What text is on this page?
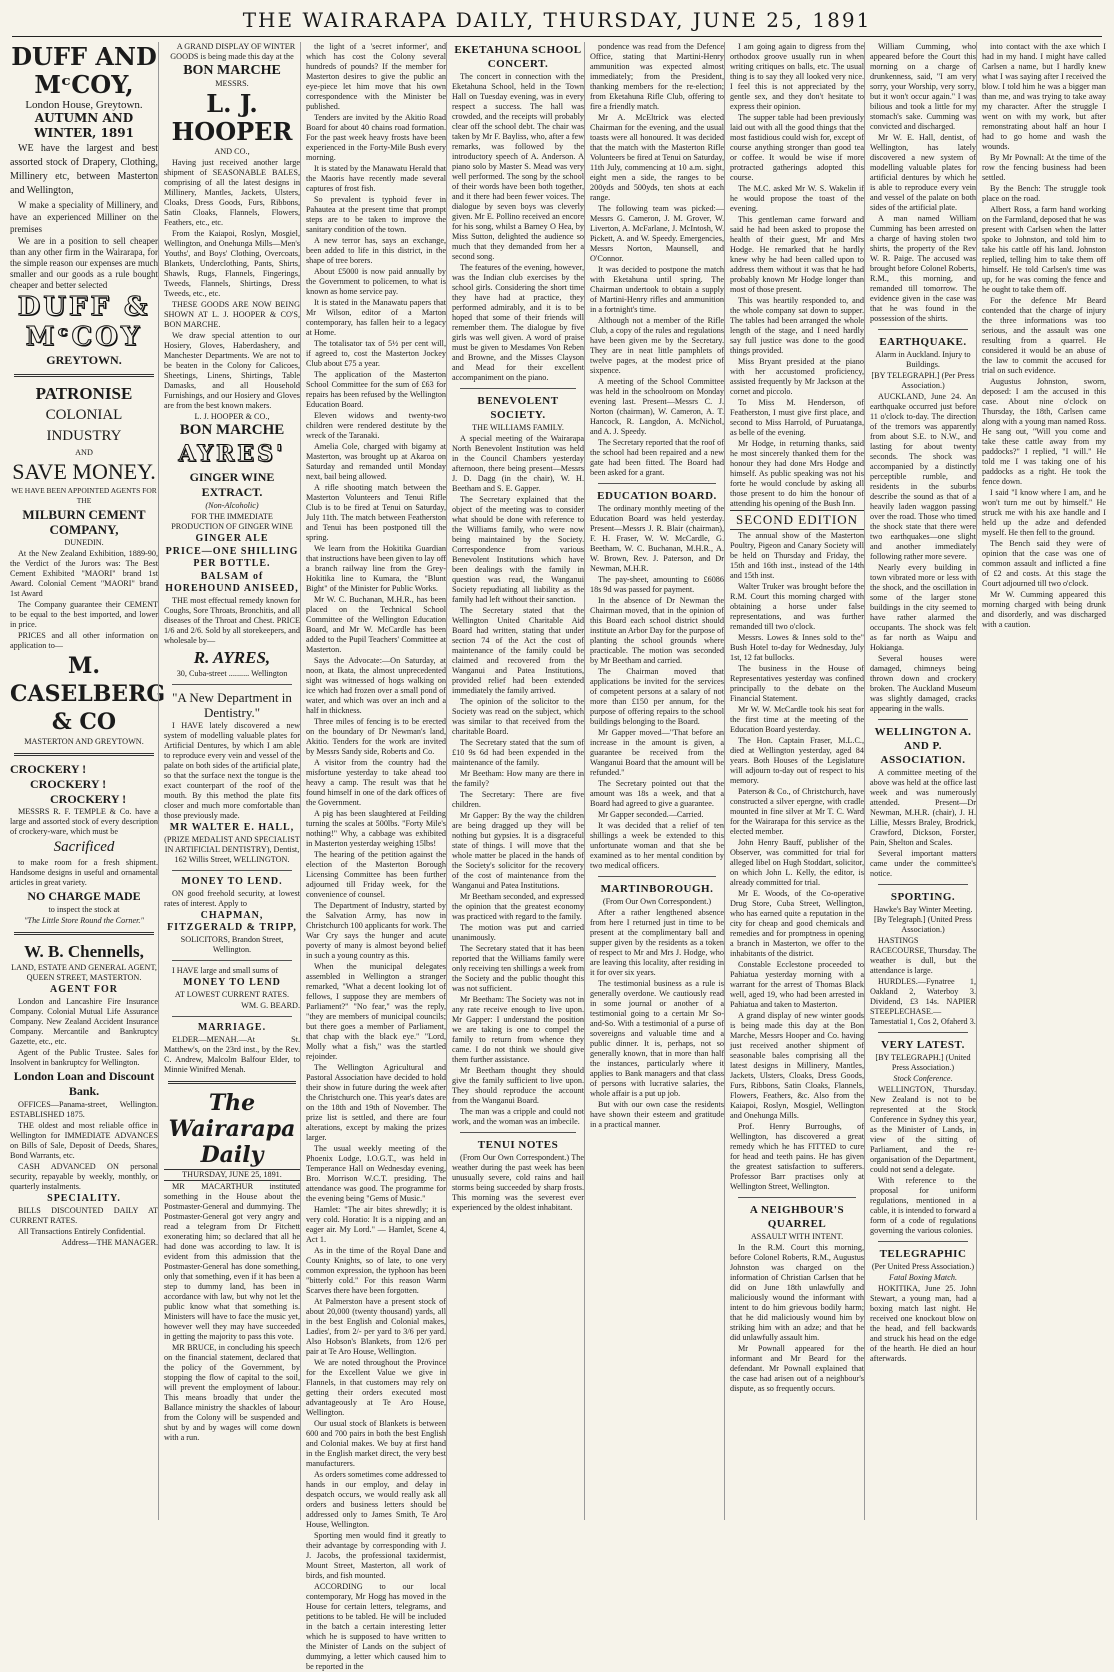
THE WAIRARAPA DAILY, THURSDAY, JUNE 25, 1891
DUFF AND MᶜCOY,
London House, Greytown.
AUTUMN AND WINTER, 1891

WE have the largest and best assorted stock of Drapery, Clothing, Millinery etc, between Masterton and Wellington,

W make a speciality of Millinery, and have an experienced Milliner on the premises

We are in a position to sell cheaper than any other firm in the Wairarapa, for the simple reason our expenses are much smaller and our goods as a rule bought cheaper and better selected

DUFF & MᶜCOY
GREYTOWN.
PATRONISE
COLONIAL INDUSTRY
AND
SAVE MONEY.
WE HAVE BEEN APPOINTED AGENTS FOR THE
MILBURN CEMENT COMPANY,
DUNEDIN.

At the New Zealand Exhibition, 1889-90, the Verdict of the Jurors was: The Best Cement Exhibited "MAORI" brand 1st Award. Colonial Cement "MAORI" brand 1st Award

The Company guarantee their CEMENT to be equal to the best imported, and lower in price.

PRICES and all other information on application to—

M. CASELBERG & CO
MASTERTON AND GREYTOWN.
CROCKERY !
CROCKERY !
CROCKERY !

MESSRS R. F. TEMPLE & Co. have a large and assorted stock of every description of crockery-ware, which must be

Sacrificed

to make room for a fresh shipment. Handsome designs in useful and ornamental articles in great variety.

NO CHARGE MADE
to inspect the stock at
"The Little Store Round the Corner."
W. B. Chennells,
LAND, ESTATE AND GENERAL AGENT, QUEEN STREET, MASTERTON.
AGENT FOR

London and Lancashire Fire Insurance Company. Colonial Mutual Life Assurance Company. New Zealand Accident Insurance Company. Mercantile and Bankruptcy Gazette, etc., etc.

Agent of the Public Trustee. Sales for Insolvent in bankruptcy for Wellington.

London Loan and Discount Bank.

OFFICES—Panama-street, Wellington. ESTABLISHED 1875.

THE oldest and most reliable office in Wellington for IMMEDIATE ADVANCES on Bills of Sale, Deposit of Deeds, Shares, Bond Warrants, etc.

CASH ADVANCED ON personal security, repayable by weekly, monthly, or quarterly instalments.

SPECIALITY.

BILLS DISCOUNTED DAILY AT CURRENT RATES.

All Transactions Entirely Confidential.

Address—THE MANAGER.

A GRAND DISPLAY OF WINTER GOODS is being made this day at the

BON MARCHE
MESSRS.
L. J. HOOPER
AND CO.,

Having just received another large shipment of SEASONABLE BALES, comprising of all the latest designs in Millinery, Mantles, Jackets, Ulsters, Cloaks, Dress Goods, Furs, Ribbons, Satin Cloaks, Flannels, Flowers, Feathers, etc., etc.

From the Kaiapoi, Roslyn, Mosgiel, Wellington, and Onehunga Mills—Men's Youths', and Boys' Clothing, Overcoats, Blankets, Underclothing, Pants, Shirts, Shawls, Rugs, Flannels, Fingerings, Tweeds, Flannels, Shirtings, Dress Tweeds, etc., etc.

THESE GOODS ARE NOW BEING SHOWN AT L. J. HOOPER & CO'S, BON MARCHE.

We draw special attention to our Hosiery, Gloves, Haberdashery, and Manchester Departments. We are not to be beaten in the Colony for Calicoes, Sheetings, Linens, Shirtings, Table Damasks, and all Household Furnishings, and our Hosiery and Gloves are from the best known makers.

L. J. HOOPER & CO.,
BON MARCHE
AYRES'
GINGER WINE EXTRACT.
(Non-Alcoholic)
FOR THE IMMEDIATE PRODUCTION OF GINGER WINE
GINGER ALE
PRICE—ONE SHILLING PER BOTTLE.
BALSAM of HOREHOUND ANISEED,

THE most effectual remedy known for Coughs, Sore Throats, Bronchitis, and all diseases of the Throat and Chest. PRICE 1/6 and 2/6. Sold by all storekeepers, and wholesale by—

R. AYRES,
30, Cuba-street .......... Wellington
"A New Department in Dentistry."

I HAVE lately discovered a new system of modelling valuable plates for Artificial Dentures, by which I am able to reproduce every vein and vessel of the palate on both sides of the artificial plate, so that the surface next the tongue is the exact counterpart of the roof of the mouth. By this method the plate fits closer and much more comfortable than those previously made.

MR WALTER E. HALL,
(PRIZE MEDALIST AND SPECIALIST IN ARTIFICIAL DENTISTRY), Dentist, 162 Willis Street, WELLINGTON.
MONEY TO LEND.

ON good freehold security, at lowest rates of interest. Apply to

CHAPMAN, FITZGERALD & TRIPP,
SOLICITORS, Brandon Street, Wellington.

I HAVE large and small sums of

MONEY TO LEND
AT LOWEST CURRENT RATES.
WM. G. BEARD.
MARRIAGE.

ELDER—MENAH.—At St. Matthew's, on the 23rd inst., by the Rev. C. Andrew, Malcolm Balfour Elder, to Minnie Winifred Menah.

The Wairarapa Daily
THURSDAY, JUNE 25, 1891.

MR MACARTHUR instituted something in the House about the Postmaster-General and dummying. The Postmaster-General got very angry and read a telegram from Dr Fitchett exonerating him; so declared that all he had done was according to law. It is evident from this admission that the Postmaster-General has done something, only that something, even if it has been a step to dummy land, has been in accordance with law, but why not let the public know what that something is. Ministers will have to face the music yet, however well they may have succeeded in getting the majority to pass this vote.

MR BRUCE, in concluding his speech on the financial statement, declared that the policy of the Government, by stopping the flow of capital to the soil, will prevent the employment of labour. This means broadly that under the Ballance ministry the shackles of labour from the Colony will be suspended and shut by and by wages will come down with a run.

the light of a 'secret informer', and which has cost the Colony several hundreds of pounds? If the member for Masterton desires to give the public an eye-piece let him move that his own correspondence with the Minister be published.

Tenders are invited by the Akitio Road Board for about 40 chains road formation. For the past week heavy frosts have been experienced in the Forty-Mile Bush every morning.

It is stated by the Manawatu Herald that the Maoris have recently made several captures of frost fish.

So prevalent is typhoid fever in Pahautea at the present time that prompt steps are to be taken to improve the sanitary condition of the town.

A new terror has, says an exchange, been added to life in this district, in the shape of tree borers.

About £5000 is now paid annually by the Government to policemen, to what is known as home service pay.

It is stated in the Manawatu papers that Mr Wilson, editor of a Marton contemporary, has fallen heir to a legacy at Home.

The totalisator tax of 5½ per cent will, if agreed to, cost the Masterton Jockey Club about £75 a year.

The application of the Masterton School Committee for the sum of £63 for repairs has been refused by the Wellington Education Board.

Eleven widows and twenty-two children were rendered destitute by the wreck of the Taranaki.

Amelia Cole, charged with bigamy at Masterton, was brought up at Akaroa on Saturday and remanded until Monday next, bail being allowed.

A rifle shooting match between the Masterton Volunteers and Tenui Rifle Club is to be fired at Tenui on Saturday, July 11th. The match between Featherston and Tenui has been postponed till the spring.

We learn from the Hokitika Guardian that instructions have been given to lay off a branch railway line from the Grey-Hokitika line to Kumara, the "Blunt Bight" of the Minister for Public Works.

Mr W. C. Buchanan, M.H.R., has been placed on the Technical School Committee of the Wellington Education Board, and Mr W. McCardle has been added to the Pupil Teachers' Committee at Masterton.

Says the Advocate:—On Saturday, at noon, at Ikata, the almost unprecedented sight was witnessed of hogs walking on ice which had frozen over a small pond of water, and which was over an inch and a half in thickness.

Three miles of fencing is to be erected on the boundary of Dr Newman's land, Akitio. Tenders for the work are invited by Messrs Sandy side, Roberts and Co.

A visitor from the country had the misfortune yesterday to take ahead too heavy a camp. The result was that he found himself in one of the dark offices of the Government.

A pig has been slaughtered at Feilding turning the scales at 500lbs. "Forty Mile's nothing!" Why, a cabbage was exhibited in Masterton yesterday weighing 15lbs!

The hearing of the petition against the election of the Masterton Borough Licensing Committee has been further adjourned till Friday week, for the convenience of counsel.

The Department of Industry, started by the Salvation Army, has now in Christchurch 100 applicants for work. The War Cry says the hunger and acute poverty of many is almost beyond belief in such a young country as this.

When the municipal delegates assembled in Wellington a stranger remarked, "What a decent looking lot of fellows, I suppose they are members of Parliament?" "No fear," was the reply, "they are members of municipal councils; but there goes a member of Parliament, that chap with the black eye." "Lord, Molly what a fish," was the startled rejoinder.

The Wellington Agricultural and Pastoral Association have decided to hold their show in future during the week after the Christchurch one. This year's dates are on the 18th and 19th of November. The prize list is settled, and there are four alterations, except by making the prizes larger.

The usual weekly meeting of the Phoenix Lodge, I.O.G.T., was held in Temperance Hall on Wednesday evening, Bro. Morrison W.C.T. presiding. The attendance was good. The programme for the evening being "Gems of Music."

Hamlet: "The air bites shrewdly; it is very cold. Horatio: It is a nipping and an eager air. My Lord." — Hamlet, Scene 4, Act 1.

As in the time of the Royal Dane and County Knights, so of late, to one very common expression, the typhoon has been "bitterly cold." For this reason Warm Scarves there have been forgotten.

At Palmerston have a present stock of about 20,000 (twenty thousand) yards, all in the best English and Colonial makes, Ladies', from 2/- per yard to 3/6 per yard. Also Hobson's Blankets, from 12/6 per pair at Te Aro House, Wellington.

We are noted throughout the Province for the Excellent Value we give in Flannels, in that customers may rely on getting their orders executed most advantageously at Te Aro House, Wellington.

Our usual stock of Blankets is between 600 and 700 pairs in both the best English and Colonial makes. We buy at first hand in the English market direct, the very best manufacturers.

As orders sometimes come addressed to hands in our employ, and delay in despatch occurs, we would really ask all orders and business letters should be addressed only to James Smith, Te Aro House, Wellington.

Sporting men would find it greatly to their advantage by corresponding with J. J. Jacobs, the professional taxidermist, Mount Street, Masterton, all work of birds, and fish mounted.

ACCORDING to our local contemporary, Mr Hogg has moved in the House for certain letters, telegrams, and petitions to be tabled. He will be included in the batch a certain interesting letter which he is supposed to have written to the Minister of Lands on the subject of dummying, a letter which caused him to be reported in the

EKETAHUNA SCHOOL CONCERT.

The concert in connection with the Eketahuna School, held in the Town Hall on Tuesday evening, was in every respect a success. The hall was crowded, and the receipts will probably clear off the school debt. The chair was taken by Mr F. Bayliss, who, after a few remarks, was followed by the introductory speech of A. Anderson. A piano solo by Master S. Mead was very well performed. The song by the school of their words have been both together, and it there had been fewer voices. The dialogue by seven boys was cleverly given. Mr E. Pollino received an encore for his song, whilst a Barney O Hea, by Miss Sutton, delighted the audience so much that they demanded from her a second song.

The features of the evening, however, was the Indian club exercises by the school girls. Considering the short time they have had at practice, they performed admirably, and it is to be hoped that some of their friends will remember them. The dialogue by five girls was well given. A word of praise must be given to Mesdames Von Reben and Browne, and the Misses Clayson and Mead for their excellent accompaniment on the piano.

BENEVOLENT SOCIETY.
THE WILLIAMS FAMILY.

A special meeting of the Wairarapa North Benevolent Institution was held in the Council Chambers yesterday afternoon, there being present—Messrs J. D. Dagg (in the chair), W. H. Beetham and S. E. Gapper.

The Secretary explained that the object of the meeting was to consider what should be done with reference to the Williams family, who were now being maintained by the Society. Correspondence from various Benevolent Institutions which have been dealings with the family in question was read, the Wanganui Society repudiating all liability as the family had left without their sanction.

The Secretary stated that the Wellington United Charitable Aid Board had written, stating that under section 74 of the Act the cost of maintenance of the family could be claimed and recovered from the Wanganui and Patea Institutions, provided relief had been extended immediately the family arrived.

The opinion of the solicitor to the Society was read on the subject, which was similar to that received from the charitable Board.

The Secretary stated that the sum of £10 9s 6d had been expended in the maintenance of the family.

Mr Beetham: How many are there in the family?

The Secretary: There are five children.

Mr Gapper: By the way the children are being dragged up they will be nothing but gypsies. It is a disgraceful state of things. I will move that the whole matter be placed in the hands of the Society's solicitor for the recovery of the cost of maintenance from the Wanganui and Patea Institutions.

Mr Beetham seconded, and expressed the opinion that the greatest economy was practiced with regard to the family.

The motion was put and carried unanimously.

The Secretary stated that it has been reported that the Williams family were only receiving ten shillings a week from the Society and the public thought this was not sufficient.

Mr Beetham: The Society was not in any rate receive enough to live upon. Mr Gapper: I understand the position we are taking is one to compel the family to return from whence they came. I do not think we should give them further assistance.

Mr Beetham thought they should give the family sufficient to live upon. They should reproduce the account from the Wanganui Board.

The man was a cripple and could not work, and the woman was an imbecile.

TENUI NOTES

(From Our Own Correspondent.) The weather during the past week has been unusually severe, cold rains and hail storms being succeeded by sharp frosts. This morning was the severest ever experienced by the oldest inhabitant.

pondence was read from the Defence Office, stating that Martini-Henry ammunition was expected almost immediately; from the President, thanking members for the re-election; from Eketahuna Rifle Club, offering to fire a friendly match.

Mr A. McEltrick was elected Chairman for the evening, and the usual toasts were all honoured. It was decided that the match with the Masterton Rifle Volunteers be fired at Tenui on Saturday, 11th July, commencing at 10 a.m. sight, eight men a side, the ranges to be 200yds and 500yds, ten shots at each range.

The following team was picked:—Messrs G. Cameron, J. M. Grover, W. Liverton, A. McFarlane, J. McIntosh, W. Pickett, A. and W. Speedy. Emergencies, Messrs Norton, Maunsell, and O'Connor.

It was decided to postpone the match with Eketahuna until spring. The Chairman undertook to obtain a supply of Martini-Henry rifles and ammunition in a fortnight's time.

Although not a member of the Rifle Club, a copy of the rules and regulations have been given me by the Secretary. They are in neat little pamphlets of twelve pages, at the modest price of sixpence.

A meeting of the School Committee was held in the schoolroom on Monday evening last. Present—Messrs C. J. Norton (chairman), W. Cameron, A. T. Hancock, R. Langdon, A. McNichol, and A. J. Speedy.

The Secretary reported that the roof of the school had been repaired and a new gate had been fitted. The Board had been asked for a grant.

EDUCATION BOARD.

The ordinary monthly meeting of the Education Board was held yesterday. Present—Messrs J. R. Blair (chairman), F. H. Fraser, W. W. McCardle, G. Beetham, W. C. Buchanan, M.H.R., A. W. Brown, Rev. J. Paterson, and Dr Newman, M.H.R.

The pay-sheet, amounting to £6086 18s 9d was passed for payment.

In the absence of Dr Newman the Chairman moved, that in the opinion of this Board each school district should institute an Arbor Day for the purpose of planting the school grounds where practicable. The motion was seconded by Mr Beetham and carried.

The Chairman moved that applications be invited for the services of competent persons at a salary of not more than £150 per annum, for the purpose of offering repairs to the school buildings belonging to the Board.

Mr Gapper moved—"That before an increase in the amount is given, a guarantee be received from the Wanganui Board that the amount will be refunded."

The Secretary pointed out that the amount was 18s a week, and that a Board had agreed to give a guarantee.

Mr Gapper seconded.—Carried.

It was decided that a relief of ten shillings a week be extended to this unfortunate woman and that she be examined as to her mental condition by two medical officers.

MARTINBOROUGH.
(From Our Own Correspondent.)

After a rather lengthened absence from here I returned just in time to be present at the complimentary ball and supper given by the residents as a token of respect to Mr and Mrs J. Hodge, who are leaving this locality, after residing in it for over six years.

The testimonial business as a rule is generally overdone. We cautiously read in some journal or another of a testimonial going to a certain Mr So-and-So. With a testimonial of a purse of sovereigns and valuable time and a public dinner. It is, perhaps, not so generally known, that in more than half the instances, particularly where it applies to Bank managers and that class of persons with lucrative salaries, the whole affair is a put up job.

But with our own case the residents have shown their esteem and gratitude in a practical manner.

I am going again to digress from the orthodox groove usually run in when writing critiques on balls, etc. The usual thing is to say they all looked very nice. I feel this is not appreciated by the gentle sex, and they don't hesitate to express their opinion.

The supper table had been previously laid out with all the good things that the most fastidious could wish for, except of course anything stronger than good tea or coffee. It would be wise if more protracted gatherings adopted this course.

The M.C. asked Mr W. S. Wakelin if he would propose the toast of the evening.

This gentleman came forward and said he had been asked to propose the health of their guest, Mr and Mrs Hodge. He remarked that he hardly knew why he had been called upon to address them without it was that he had probably known Mr Hodge longer than most of those present.

This was heartily responded to, and the whole company sat down to supper. The tables had been arranged the whole length of the stage, and I need hardly say full justice was done to the good things provided.

Miss Bryant presided at the piano with her accustomed proficiency, assisted frequently by Mr Jackson at the cornet and piccolo.

To Miss M. Henderson, of Featherston, I must give first place, and second to Miss Harrold, of Puruatanga, as belle of the evening.

Mr Hodge, in returning thanks, said he most sincerely thanked them for the honour they had done Mrs Hodge and himself. As public speaking was not his forte he would conclude by asking all those present to do him the honour of attending his opening of the Bush Inn.

SECOND EDITION

The annual show of the Masterton Poultry, Pigeon and Canary Society will be held on Thursday and Friday, the 15th and 16th inst., instead of the 14th and 15th inst.

Walter Truker was brought before the R.M. Court this morning charged with obtaining a horse under false representations, and was further remanded till two o'clock.

Messrs. Lowes & Innes sold to the" Bush Hotel to-day for Wednesday, July 1st, 12 fat bullocks.

The business in the House of Representatives yesterday was confined principally to the debate on the Financial Statement.

Mr W. W. McCardle took his seat for the first time at the meeting of the Education Board yesterday.

The Hon. Captain Fraser, M.L.C., died at Wellington yesterday, aged 84 years. Both Houses of the Legislature will adjourn to-day out of respect to his memory.

Paterson & Co., of Christchurch, have constructed a silver epergne, with cradle mounted in fine silver at Mr T. C. Ward for the Wairarapa for this service as the elected member.

John Henry Bauff, publisher of the Observer, was committed for trial for alleged libel on Hugh Stoddart, solicitor, on which John L. Kelly, the editor, is already committed for trial.

Mr E. Woods, of the Co-operative Drug Store, Cuba Street, Wellington, who has earned quite a reputation in the city for cheap and good chemicals and remedies and for promptness in opening a branch in Masterton, we offer to the inhabitants of the district.

Constable Ecclestone proceeded to Pahiatua yesterday morning with a warrant for the arrest of Thomas Black well, aged 19, who had been arrested in Pahiatua and taken to Masterton.

A grand display of new winter goods is being made this day at the Bon Marche, Messrs Hooper and Co. having just received another shipment of seasonable bales comprising all the latest designs in Millinery, Mantles, Jackets, Ulsters, Cloaks, Dress Goods, Furs, Ribbons, Satin Cloaks, Flannels, Flowers, Feathers, &c. Also from the Kaiapoi, Roslyn, Mosgiel, Wellington and Onehunga Mills.

Prof. Henry Burroughs, of Wellington, has discovered a great remedy which he has FITTED to cure for head and teeth pains. He has given the greatest satisfaction to sufferers. Professor Barr practises only at Wellington Street, Wellington.

A NEIGHBOUR'S QUARREL
ASSAULT WITH INTENT.

In the R.M. Court this morning, before Colonel Roberts, R.M., Augustus Johnston was charged on the information of Christian Carlsen that he did on June 18th unlawfully and maliciously wound the informant with intent to do him grievous bodily harm; that he did maliciously wound him by striking him with an adze; and that he did unlawfully assault him.

Mr Pownall appeared for the informant and Mr Beard for the defendant. Mr Pownall explained that the case had arisen out of a neighbour's dispute, as so frequently occurs.

William Cumming, who appeared before the Court this morning on a charge of drunkenness, said, "I am very sorry, your Worship, very sorry, but it won't occur again." I was bilious and took a little for my stomach's sake. Cumming was convicted and discharged.

Mr W. E. Hall, dentist, of Wellington, has lately discovered a new system of modelling valuable plates for artificial dentures by which he is able to reproduce every vein and vessel of the palate on both sides of the artificial plate.

A man named William Cumming has been arrested on a charge of having stolen two shirts, the property of the Rev W. R. Paige. The accused was brought before Colonel Roberts, R.M., this morning, and remanded till tomorrow. The evidence given in the case was that he was found in the possession of the shirts.

EARTHQUAKE.
Alarm in Auckland. Injury to Buildings.
[BY TELEGRAPH.] (Per Press Association.)

AUCKLAND, June 24. An earthquake occurred just before 11 o'clock to-day. The direction of the tremors was apparently from about S.E. to N.W., and lasting for about twenty seconds. The shock was accompanied by a distinctly perceptible rumble, and residents in the suburbs describe the sound as that of a heavily laden waggon passing over the road. Those who timed the shock state that there were two earthquakes—one slight and another immediately following rather more severe.

Nearly every building in town vibrated more or less with the shock, and the oscillation in some of the larger stone buildings in the city seemed to have rather alarmed the occupants. The shock was felt as far north as Waipu and Hokianga.

Several houses were damaged, chimneys being thrown down and crockery broken. The Auckland Museum was slightly damaged, cracks appearing in the walls.

WELLINGTON A. AND P. ASSOCIATION.

A committee meeting of the above was held at the office last week and was numerously attended. Present—Dr Newman, M.H.R. (chair), J. H. Lillie, Messrs Braley, Brodrick, Crawford, Dickson, Forster, Pain, Shelton and Scales.

Several important matters came under the committee's notice.

SPORTING.
Hawke's Bay Winter Meeting. [By Telegraph.] (United Press Association.)

HASTINGS RACECOURSE, Thursday. The weather is dull, but the attendance is large.

HURDLES.—Fynatree 1, Oakland 2, Waterboy 3. Dividend, £3 14s. NAPIER STEEPLECHASE.—Tamestatial 1, Cos 2, Ofaherd 3.

VERY LATEST.
[BY TELEGRAPH.] (United Press Association.)
Stock Conference.

WELLINGTON, Thursday. New Zealand is not to be represented at the Stock Conference in Sydney this year, as the Minister of Lands, in view of the sitting of Parliament, and the re-organisation of the Department, could not send a delegate.

With reference to the proposal for uniform regulations, mentioned in a cable, it is intended to forward a form of a code of regulations governing the various colonies.

TELEGRAPHIC
(Per United Press Association.)
Fatal Boxing Match.

HOKITIKA, June 25. John Stewart, a young man, had a boxing match last night. He received one knockout blow on the head, and fell backwards and struck his head on the edge of the hearth. He died an hour afterwards.

into contact with the axe which I had in my hand. I might have called Carlsen a name, but I hardly knew what I was saying after I received the blow. I told him he was a bigger man than me, and was trying to take away my character. After the struggle I went on with my work, but after remonstrating about half an hour I had to go home and wash the wounds.

By Mr Pownall: At the time of the row the fencing business had been settled.

By the Bench: The struggle took place on the road.

Albert Ross, a farm hand working on the Farmland, deposed that he was present with Carlsen when the latter spoke to Johnston, and told him to take his cattle off his land. Johnston replied, telling him to take them off himself. He told Carlsen's time was up, for he was coming the fence and he ought to take them off.

For the defence Mr Beard contended that the charge of injury the three informations was too serious, and the assault was one resulting from a quarrel. He considered it would be an abuse of the law to commit the accused for trial on such evidence.

Augustus Johnston, sworn, deposed: I am the accused in this case. About nine o'clock on Thursday, the 18th, Carlsen came along with a young man named Ross. He sang out, "Will you come and take these cattle away from my paddocks?" I replied, "I will." He told me I was taking one of his paddocks as a right. He took the fence down.

I said "I know where I am, and he won't turn me out by himself." He struck me with his axe handle and I held up the adze and defended myself. He then fell to the ground.

The Bench said they were of opinion that the case was one of common assault and inflicted a fine of £2 and costs. At this stage the Court adjourned till two o'clock.

Mr W. Cumming appeared this morning charged with being drunk and disorderly, and was discharged with a caution.
